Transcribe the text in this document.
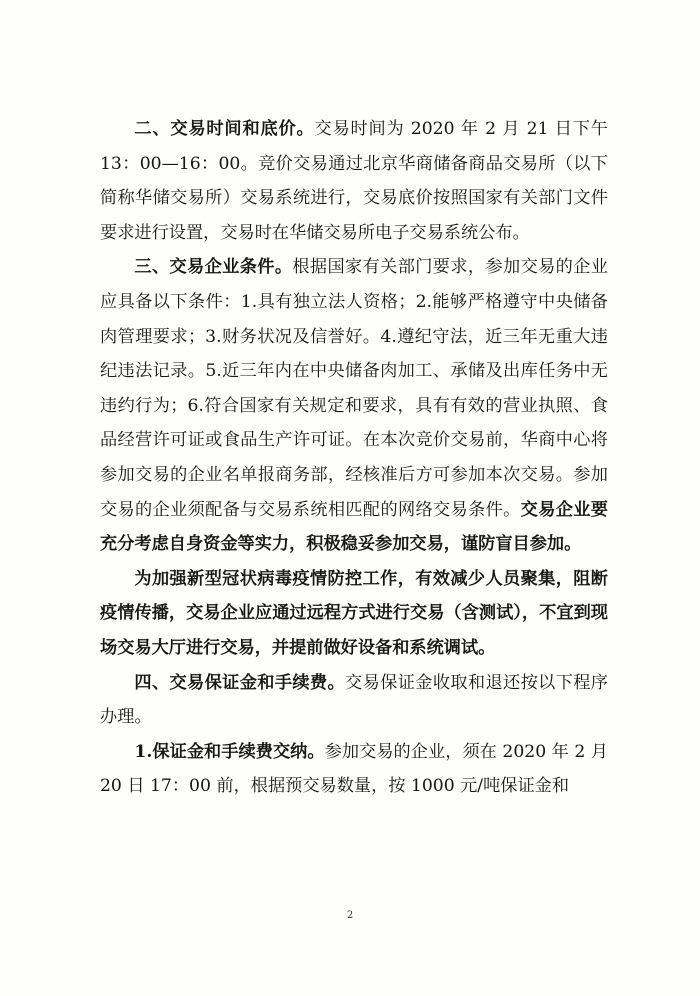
二、交易时间和底价。交易时间为 2020 年 2 月 21 日下午 13：00—16：00。竞价交易通过北京华商储备商品交易所（以下简称华储交易所）交易系统进行，交易底价按照国家有关部门文件要求进行设置，交易时在华储交易所电子交易系统公布。

三、交易企业条件。根据国家有关部门要求，参加交易的企业应具备以下条件：1.具有独立法人资格；2.能够严格遵守中央储备肉管理要求；3.财务状况及信誉好。4.遵纪守法，近三年无重大违纪违法记录。5.近三年内在中央储备肉加工、承储及出库任务中无违约行为；6.符合国家有关规定和要求，具有有效的营业执照、食品经营许可证或食品生产许可证。在本次竞价交易前，华商中心将参加交易的企业名单报商务部，经核准后方可参加本次交易。参加交易的企业须配备与交易系统相匹配的网络交易条件。交易企业要充分考虑自身资金等实力，积极稳妥参加交易，谨防盲目参加。

为加强新型冠状病毒疫情防控工作，有效减少人员聚集，阻断疫情传播，交易企业应通过远程方式进行交易（含测试），不宜到现场交易大厅进行交易，并提前做好设备和系统调试。

四、交易保证金和手续费。交易保证金收取和退还按以下程序办理。

1.保证金和手续费交纳。参加交易的企业，须在 2020 年 2 月 20 日 17：00 前，根据预交易数量，按 1000 元/吨保证金和

2
